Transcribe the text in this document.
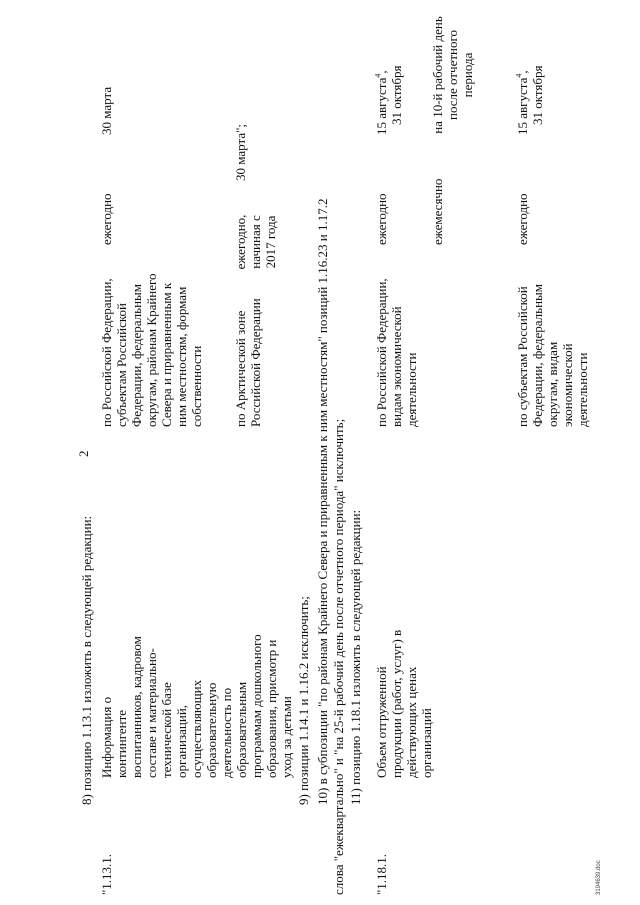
2
8) позицию 1.13.1 изложить в следующей редакции:
"1.13.1.
Информация о контингенте воспитанников, кадровом составе и материально-технической базе организаций, осуществляющих образовательную деятельность по образовательным программам дошкольного образования, присмотр и уход за детьми
по Российской Федерации, субъектам Российской Федерации, федеральным округам, районам Крайнего Севера и приравненным к ним местностям, формам собственности
ежегодно
30 марта
по Арктической зоне Российской Федерации
ежегодно, начиная с 2017 года
30 марта";
9) позиции 1.14.1 и 1.16.2 исключить; 10) в субпозиции "по районам Крайнего Севера и приравненным к ним местностям" позиций 1.16.23 и 1.17.2 слова "ежеквартально" и "на 25-й рабочий день после отчетного периода" исключить; 11) позицию 1.18.1 изложить в следующей редакции:
"1.18.1.
Объем отгруженной продукции (работ, услуг) в действующих ценах организаций
по Российской Федерации, видам экономической деятельности
ежегодно
15 августа$^4$,
31 октября
ежемесячно
на 10-й рабочий день после отчетного периода
по субъектам Российской Федерации, федеральным округам, видам экономической деятельности
ежегодно
15 августа$^4$,
31 октября
3194639.doc
